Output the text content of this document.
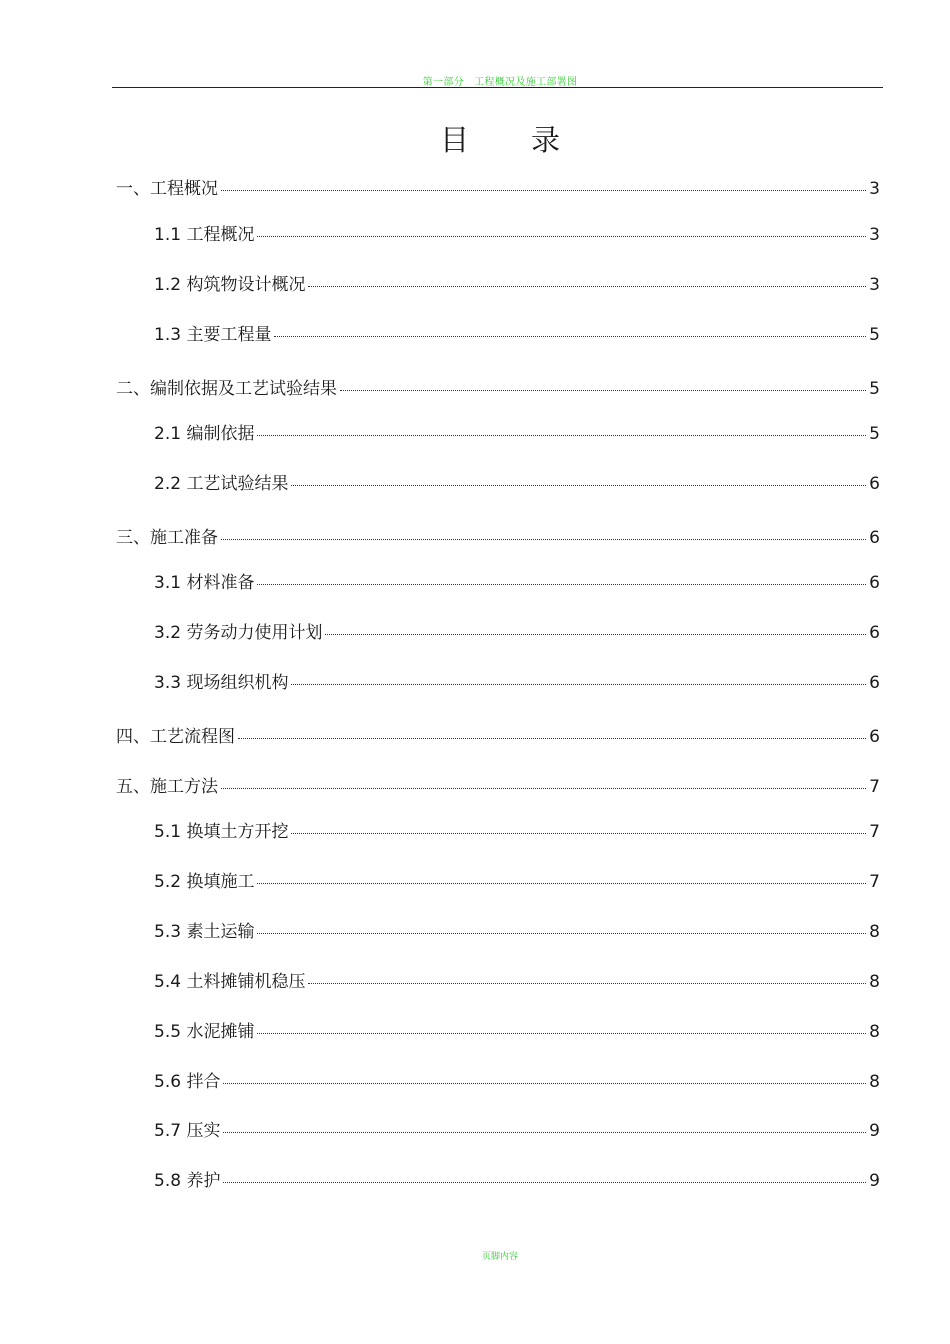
第一部分　工程概况及施工部署图
目 录
一、工程概况	3
1.1 工程概况	3
1.2 构筑物设计概况	3
1.3 主要工程量	5
二、编制依据及工艺试验结果	5
2.1 编制依据	5
2.2 工艺试验结果	6
三、施工准备	6
3.1 材料准备	6
3.2 劳务动力使用计划	6
3.3 现场组织机构	6
四、工艺流程图	6
五、施工方法	7
5.1 换填土方开挖	7
5.2 换填施工	7
5.3 素土运输	8
5.4 土料摊铺机稳压	8
5.5 水泥摊铺	8
5.6 拌合	8
5.7 压实	9
5.8 养护	9
页脚内容
